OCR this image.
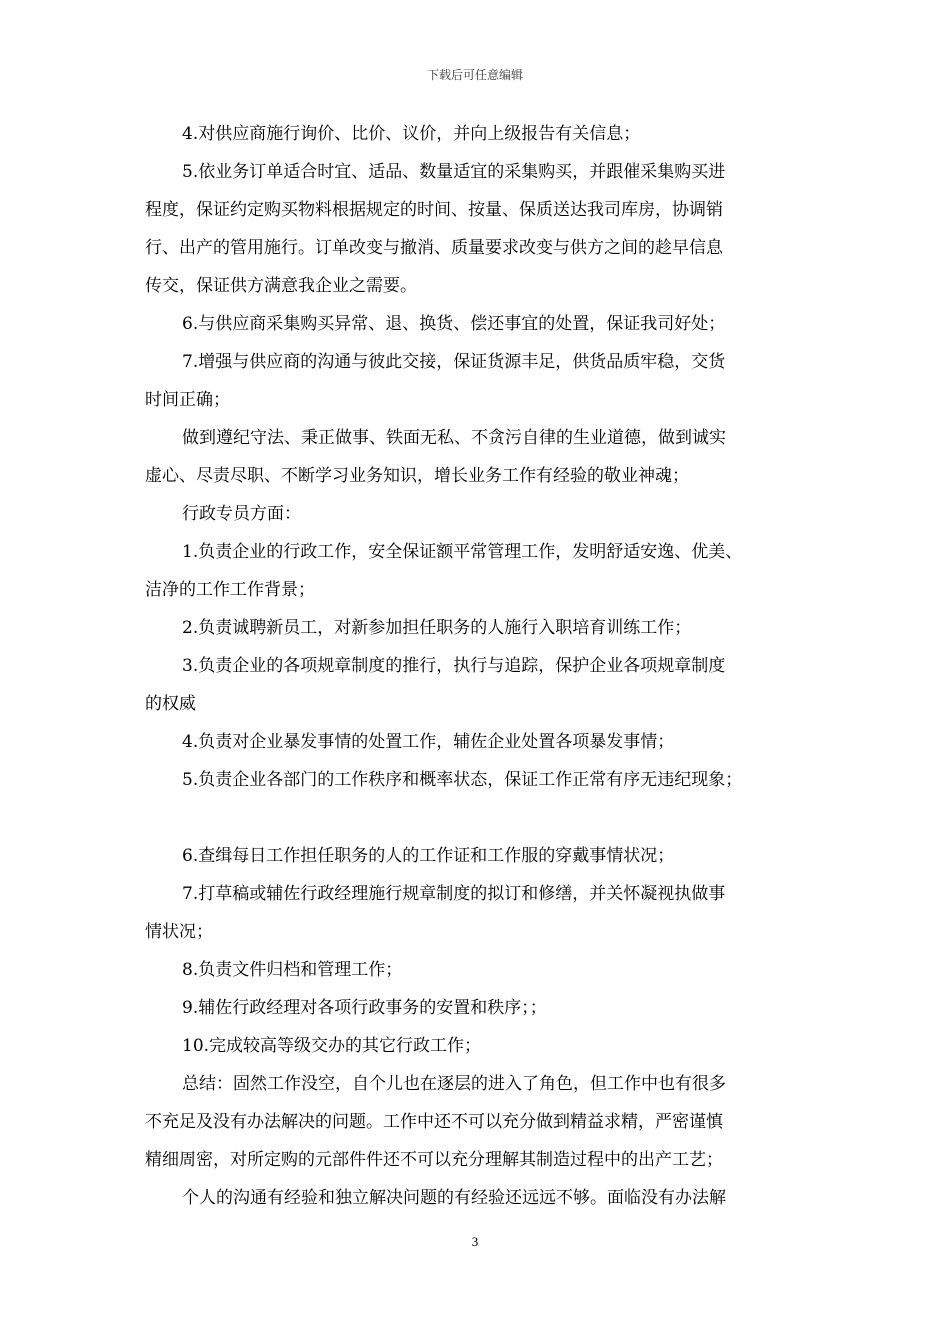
下载后可任意编辑
4.对供应商施行询价、比价、议价，并向上级报告有关信息；
5.依业务订单适合时宜、适品、数量适宜的采集购买，并跟催采集购买进
程度，保证约定购买物料根据规定的时间、按量、保质送达我司库房，协调销
行、出产的管用施行。订单改变与撤消、质量要求改变与供方之间的趁早信息
传交，保证供方满意我企业之需要。
6.与供应商采集购买异常、退、换货、偿还事宜的处置，保证我司好处；
7.增强与供应商的沟通与彼此交接，保证货源丰足，供货品质牢稳，交货
时间正确；
做到遵纪守法、秉正做事、铁面无私、不贪污自律的生业道德，做到诚实
虚心、尽责尽职、不断学习业务知识，增长业务工作有经验的敬业神魂；
行政专员方面：
1.负责企业的行政工作，安全保证额平常管理工作，发明舒适安逸、优美、
洁净的工作工作背景；
2.负责诚聘新员工，对新参加担任职务的人施行入职培育训练工作；
3.负责企业的各项规章制度的推行，执行与追踪，保护企业各项规章制度
的权威
4.负责对企业暴发事情的处置工作，辅佐企业处置各项暴发事情；
5.负责企业各部门的工作秩序和概率状态，保证工作正常有序无违纪现象；
6.查缉每日工作担任职务的人的工作证和工作服的穿戴事情状况；
7.打草稿或辅佐行政经理施行规章制度的拟订和修缮，并关怀凝视执做事
情状况；
8.负责文件归档和管理工作；
9.辅佐行政经理对各项行政事务的安置和秩序；；
10.完成较高等级交办的其它行政工作；
总结：固然工作没空，自个儿也在逐层的进入了角色，但工作中也有很多
不充足及没有办法解决的问题。工作中还不可以充分做到精益求精，严密谨慎
精细周密，对所定购的元部件件还不可以充分理解其制造过程中的出产工艺；
个人的沟通有经验和独立解决问题的有经验还远远不够。面临没有办法解
3
